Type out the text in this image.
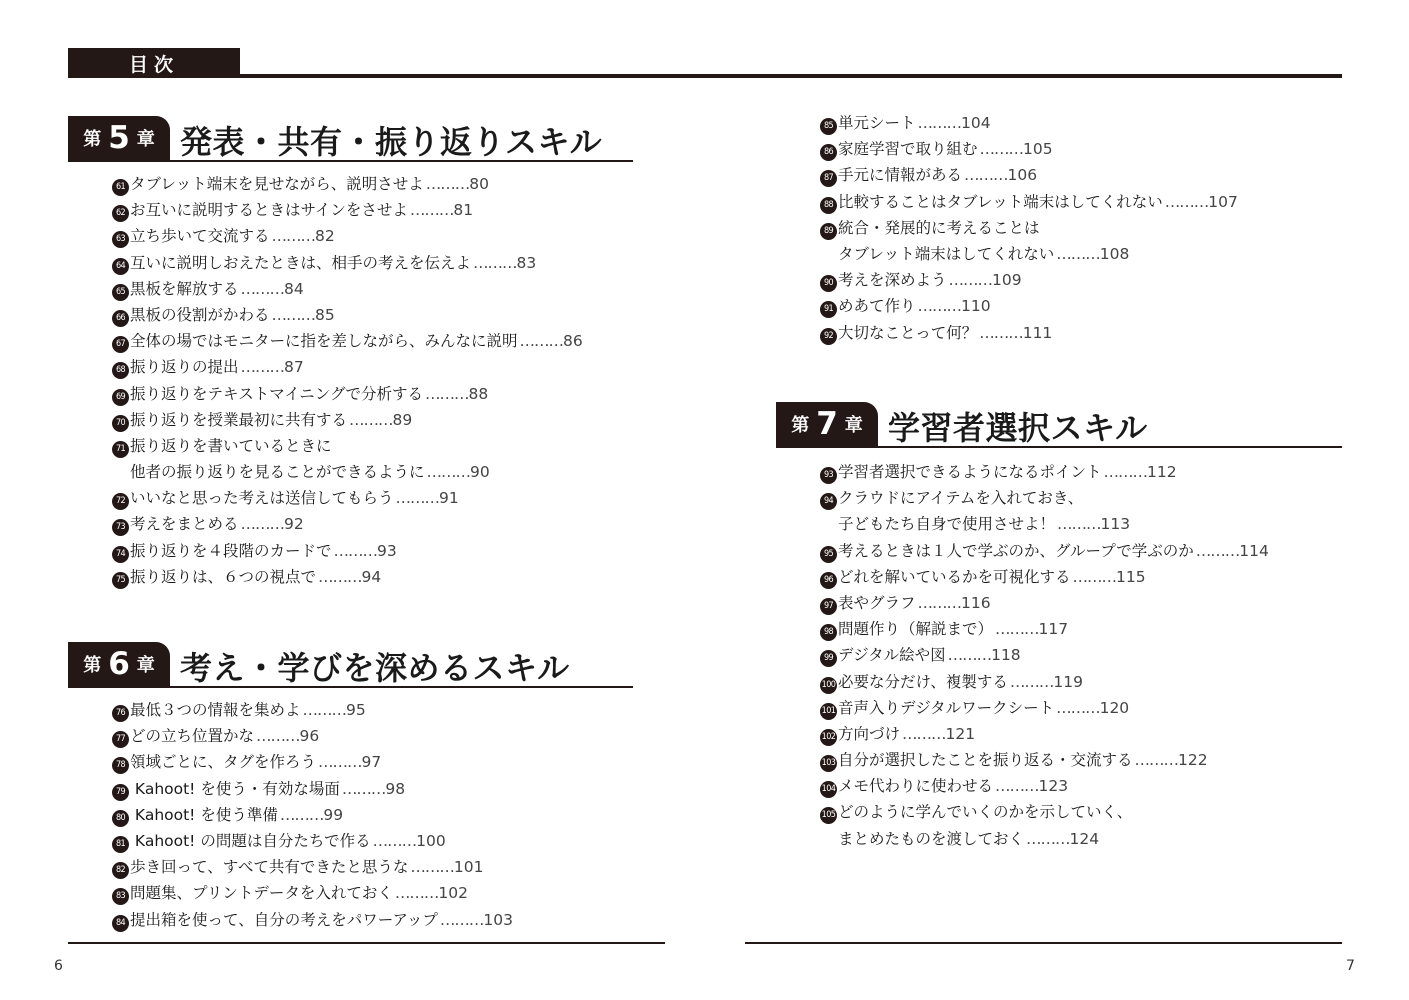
目次
第 5 章 発表・共有・振り返りスキル
61 タブレット端末を見せながら、説明させよ ………80
62 お互いに説明するときはサインをさせよ ………81
63 立ち歩いて交流する ………82
64 互いに説明しおえたときは、相手の考えを伝えよ ………83
65 黒板を解放する ………84
66 黒板の役割がかわる ………85
67 全体の場ではモニターに指を差しながら、みんなに説明 ………86
68 振り返りの提出 ………87
69 振り返りをテキストマイニングで分析する ………88
70 振り返りを授業最初に共有する ………89
71 振り返りを書いているときに
他者の振り返りを見ることができるように ………90
72 いいなと思った考えは送信してもらう ………91
73 考えをまとめる ………92
74 振り返りを４段階のカードで ………93
75 振り返りは、６つの視点で ………94
第 6 章 考え・学びを深めるスキル
76 最低３つの情報を集めよ ………95
77 どの立ち位置かな ………96
78 領域ごとに、タグを作ろう ………97
79 Kahoot! を使う・有効な場面 ………98
80 Kahoot! を使う準備 ………99
81 Kahoot! の問題は自分たちで作る ………100
82 歩き回って、すべて共有できたと思うな ………101
83 問題集、プリントデータを入れておく ………102
84 提出箱を使って、自分の考えをパワーアップ ………103
85 単元シート ………104
86 家庭学習で取り組む ………105
87 手元に情報がある ………106
88 比較することはタブレット端末はしてくれない ………107
89 統合・発展的に考えることは
タブレット端末はしてくれない ………108
90 考えを深めよう ………109
91 めあて作り ………110
92 大切なことって何？ ………111
第 7 章 学習者選択スキル
93 学習者選択できるようになるポイント ………112
94 クラウドにアイテムを入れておき、
子どもたち自身で使用させよ！ ………113
95 考えるときは１人で学ぶのか、グループで学ぶのか ………114
96 どれを解いているかを可視化する ………115
97 表やグラフ ………116
98 問題作り（解説まで） ………117
99 デジタル絵や図 ………118
100 必要な分だけ、複製する ………119
101 音声入りデジタルワークシート ………120
102 方向づけ ………121
103 自分が選択したことを振り返る・交流する ………122
104 メモ代わりに使わせる ………123
105 どのように学んでいくのかを示していく、
まとめたものを渡しておく ………124
6	7
